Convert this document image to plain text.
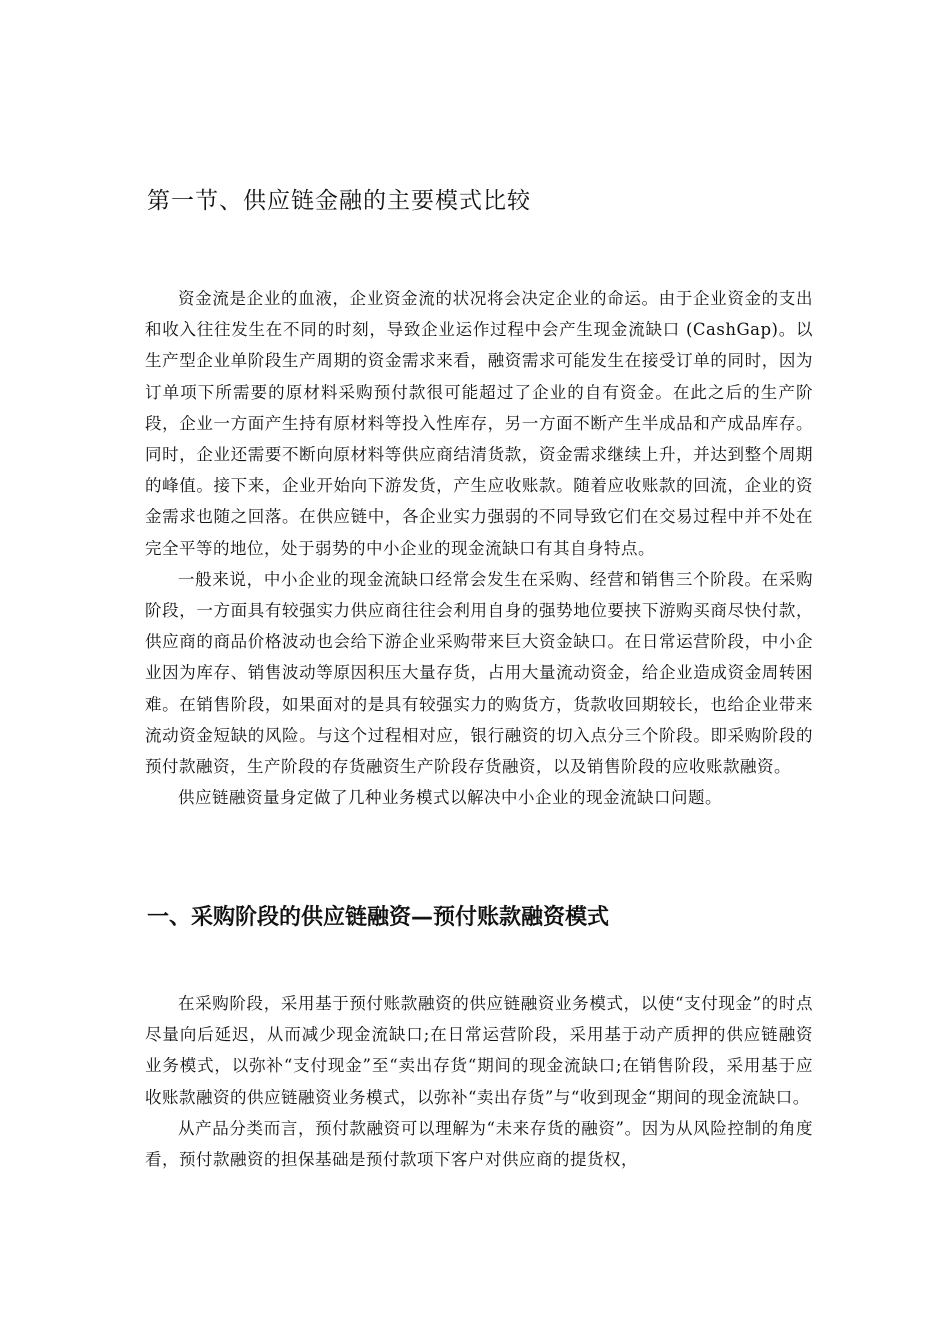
第一节、供应链金融的主要模式比较

资金流是企业的血液，企业资金流的状况将会决定企业的命运。由于企业资金的支出和收入往往发生在不同的时刻，导致企业运作过程中会产生现金流缺口 (CashGap)。以生产型企业单阶段生产周期的资金需求来看，融资需求可能发生在接受订单的同时，因为订单项下所需要的原材料采购预付款很可能超过了企业的自有资金。在此之后的生产阶段，企业一方面产生持有原材料等投入性库存，另一方面不断产生半成品和产成品库存。同时，企业还需要不断向原材料等供应商结清货款，资金需求继续上升，并达到整个周期的峰值。接下来，企业开始向下游发货，产生应收账款。随着应收账款的回流，企业的资金需求也随之回落。在供应链中，各企业实力强弱的不同导致它们在交易过程中并不处在完全平等的地位，处于弱势的中小企业的现金流缺口有其自身特点。

一般来说，中小企业的现金流缺口经常会发生在采购、经营和销售三个阶段。在采购阶段，一方面具有较强实力供应商往往会利用自身的强势地位要挟下游购买商尽快付款，供应商的商品价格波动也会给下游企业采购带来巨大资金缺口。在日常运营阶段，中小企业因为库存、销售波动等原因积压大量存货，占用大量流动资金，给企业造成资金周转困难。在销售阶段，如果面对的是具有较强实力的购货方，货款收回期较长，也给企业带来流动资金短缺的风险。与这个过程相对应，银行融资的切入点分三个阶段。即采购阶段的预付款融资，生产阶段的存货融资生产阶段存货融资，以及销售阶段的应收账款融资。

供应链融资量身定做了几种业务模式以解决中小企业的现金流缺口问题。

一、采购阶段的供应链融资—预付账款融资模式

在采购阶段，采用基于预付账款融资的供应链融资业务模式，以使“支付现金”的时点尽量向后延迟，从而减少现金流缺口;在日常运营阶段，采用基于动产质押的供应链融资业务模式，以弥补“支付现金”至“卖出存货“期间的现金流缺口;在销售阶段，采用基于应收账款融资的供应链融资业务模式，以弥补“卖出存货”与“收到现金“期间的现金流缺口。

从产品分类而言，预付款融资可以理解为“未来存货的融资”。因为从风险控制的角度看，预付款融资的担保基础是预付款项下客户对供应商的提货权，
